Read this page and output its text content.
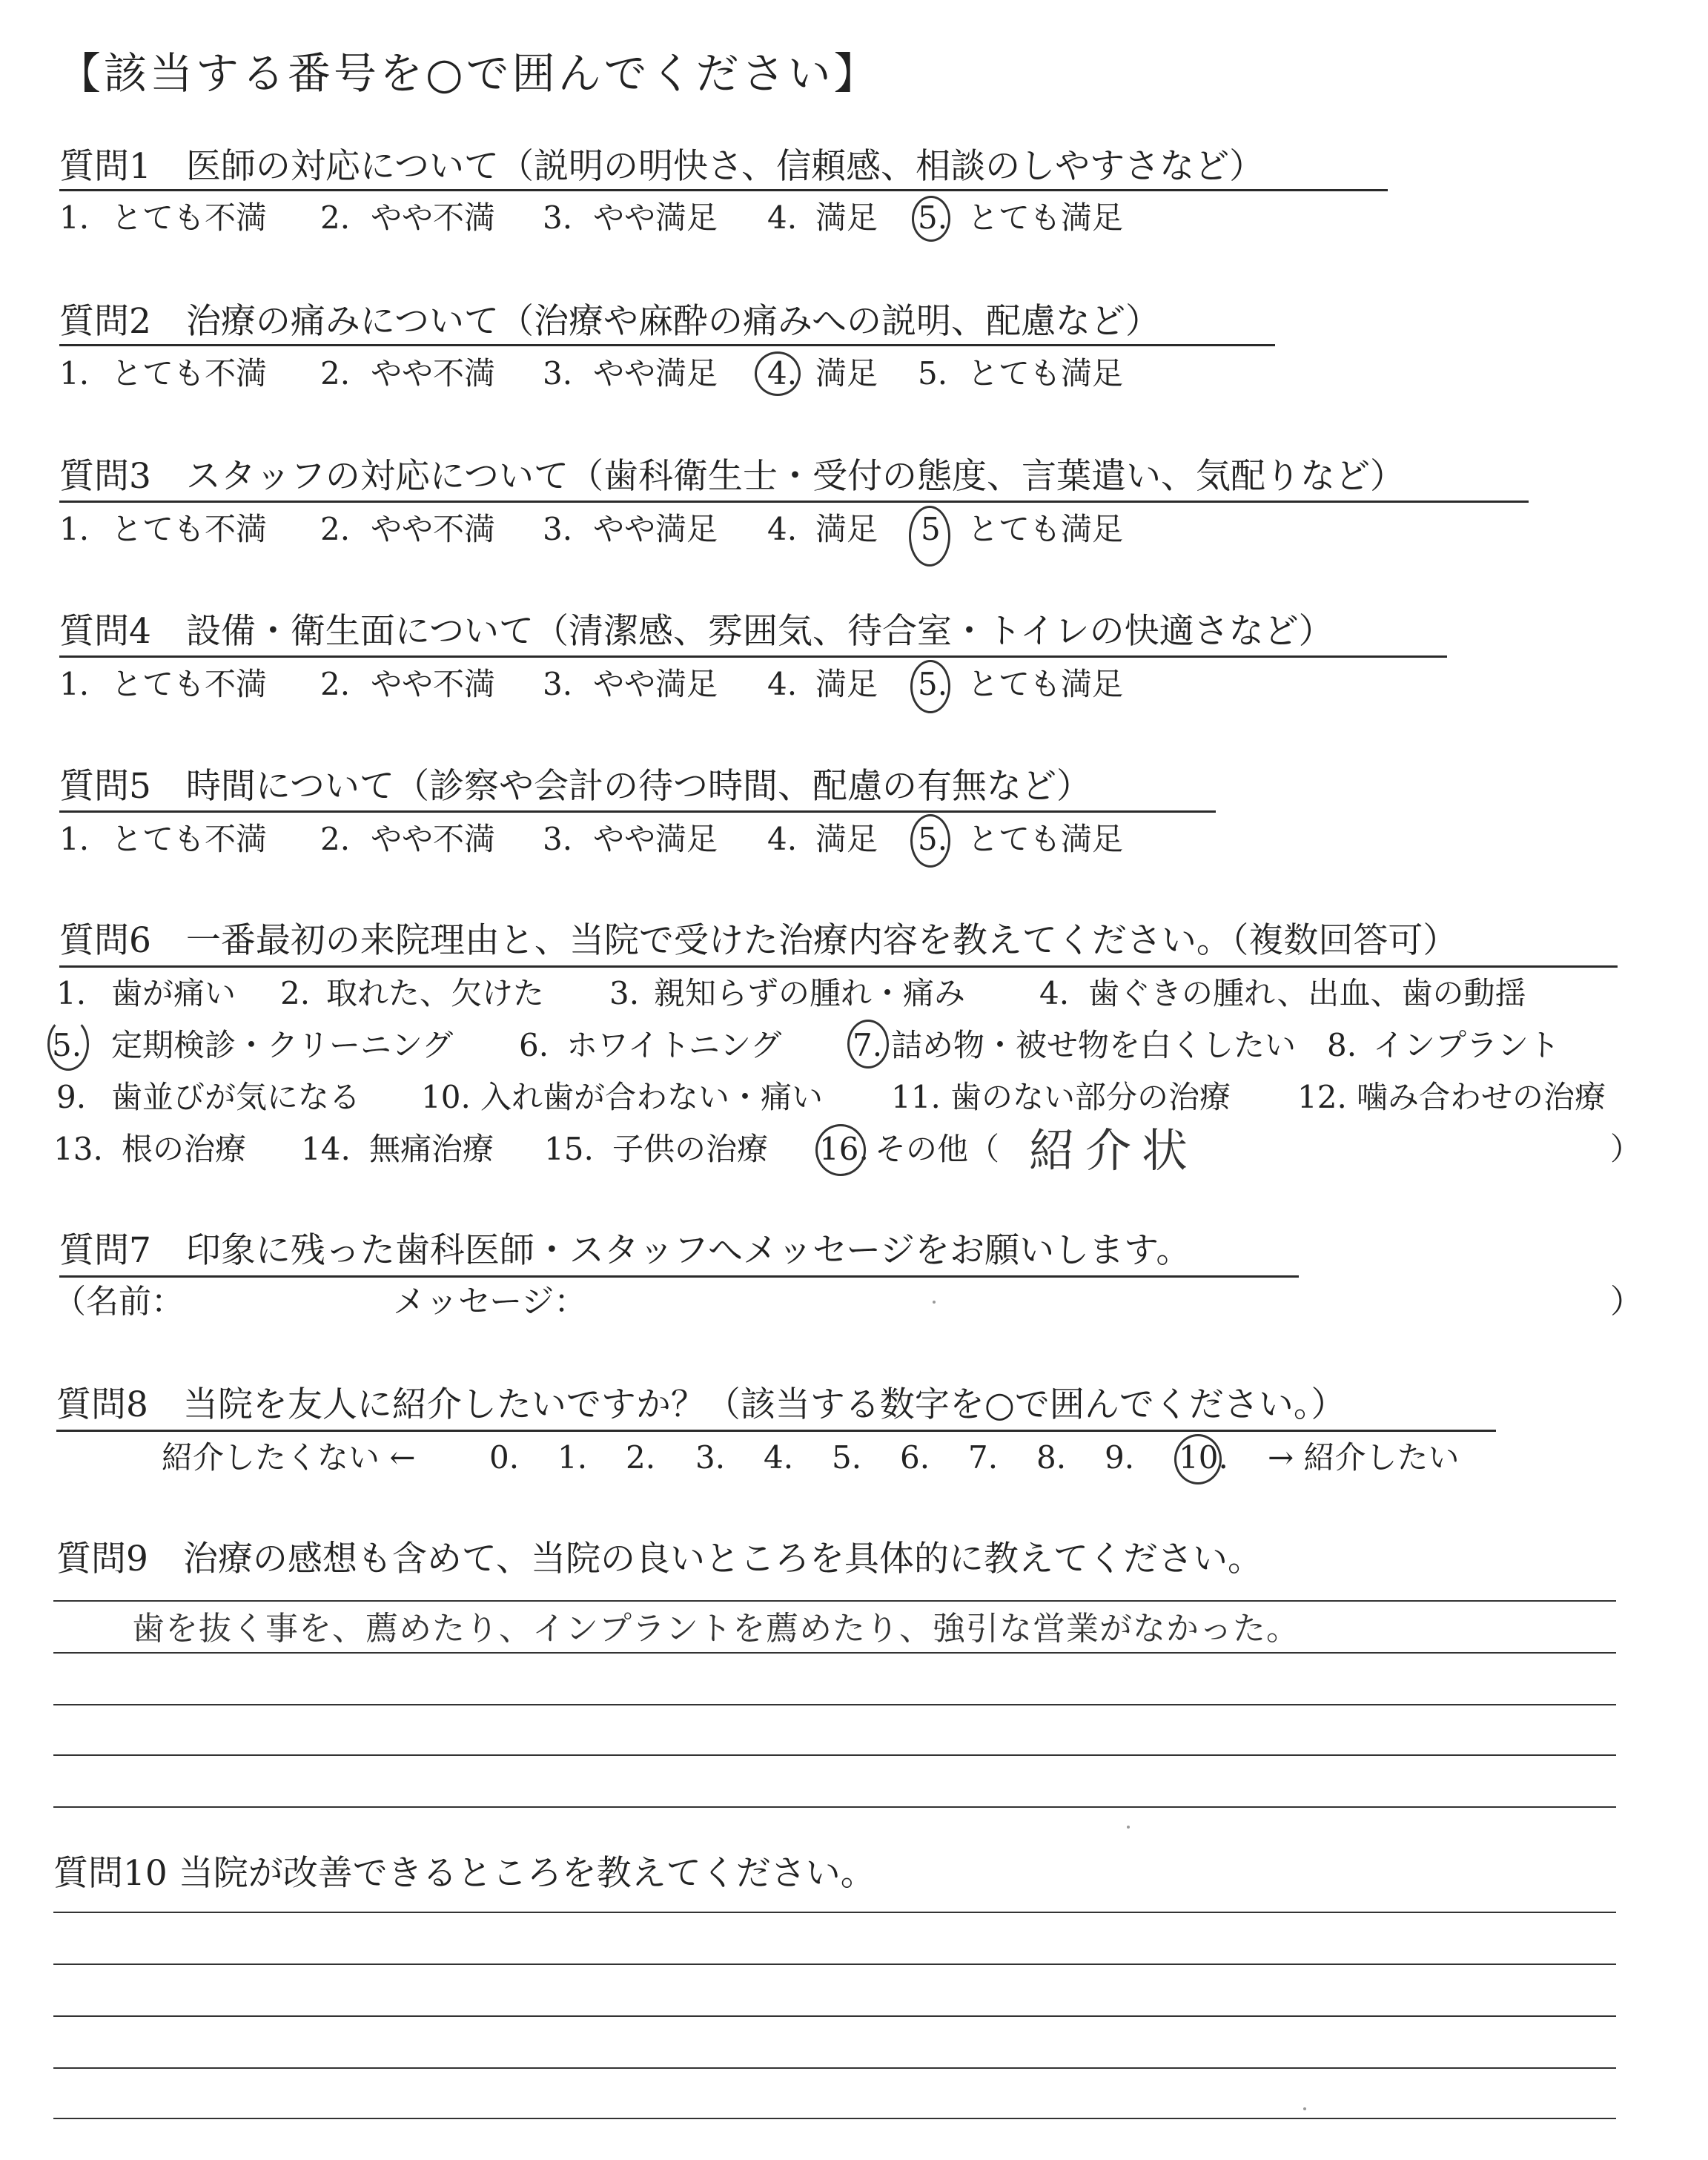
【該当する番号を○で囲んでください】
質問1　医師の対応について（説明の明快さ、信頼感、相談のしやすさなど）
1. とても不満 2. やや不満 3. やや満足 4. 満足 5. とても満足
質問2　治療の痛みについて（治療や麻酔の痛みへの説明、配慮など）
1. とても不満 2. やや不満 3. やや満足 4. 満足 5. とても満足
質問3　スタッフの対応について（歯科衛生士・受付の態度、言葉遣い、気配りなど）
1. とても不満 2. やや不満 3. やや満足 4. 満足 5 とても満足
質問4　設備・衛生面について（清潔感、雰囲気、待合室・トイレの快適さなど）
1. とても不満 2. やや不満 3. やや満足 4. 満足 5. とても満足
質問5　時間について（診察や会計の待つ時間、配慮の有無など）
1. とても不満 2. やや不満 3. やや満足 4. 満足 5. とても満足
質問6　一番最初の来院理由と、当院で受けた治療内容を教えてください。（複数回答可）
1. 歯が痛い 2. 取れた、欠けた 3. 親知らずの腫れ・痛み 4. 歯ぐきの腫れ、出血、歯の動揺
5. 定期検診・クリーニング 6. ホワイトニング 7. 詰め物・被せ物を白くしたい 8. インプラント
9. 歯並びが気になる 10. 入れ歯が合わない・痛い 11. 歯のない部分の治療 12. 噛み合わせの治療
13. 根の治療 14. 無痛治療 15. 子供の治療 16. その他（	）
紹介状
質問7　印象に残った歯科医師・スタッフへメッセージをお願いします。
（名前：	メッセージ：	）
質問8　当院を友人に紹介したいですか？（該当する数字を○で囲んでください。）
紹介したくない ← 0. 1. 2. 3. 4. 5. 6. 7. 8. 9. 10. → 紹介したい
質問9　治療の感想も含めて、当院の良いところを具体的に教えてください。
歯を抜く事を、薦めたり、インプラントを薦めたり、強引な営業がなかった。
質問10 当院が改善できるところを教えてください。
